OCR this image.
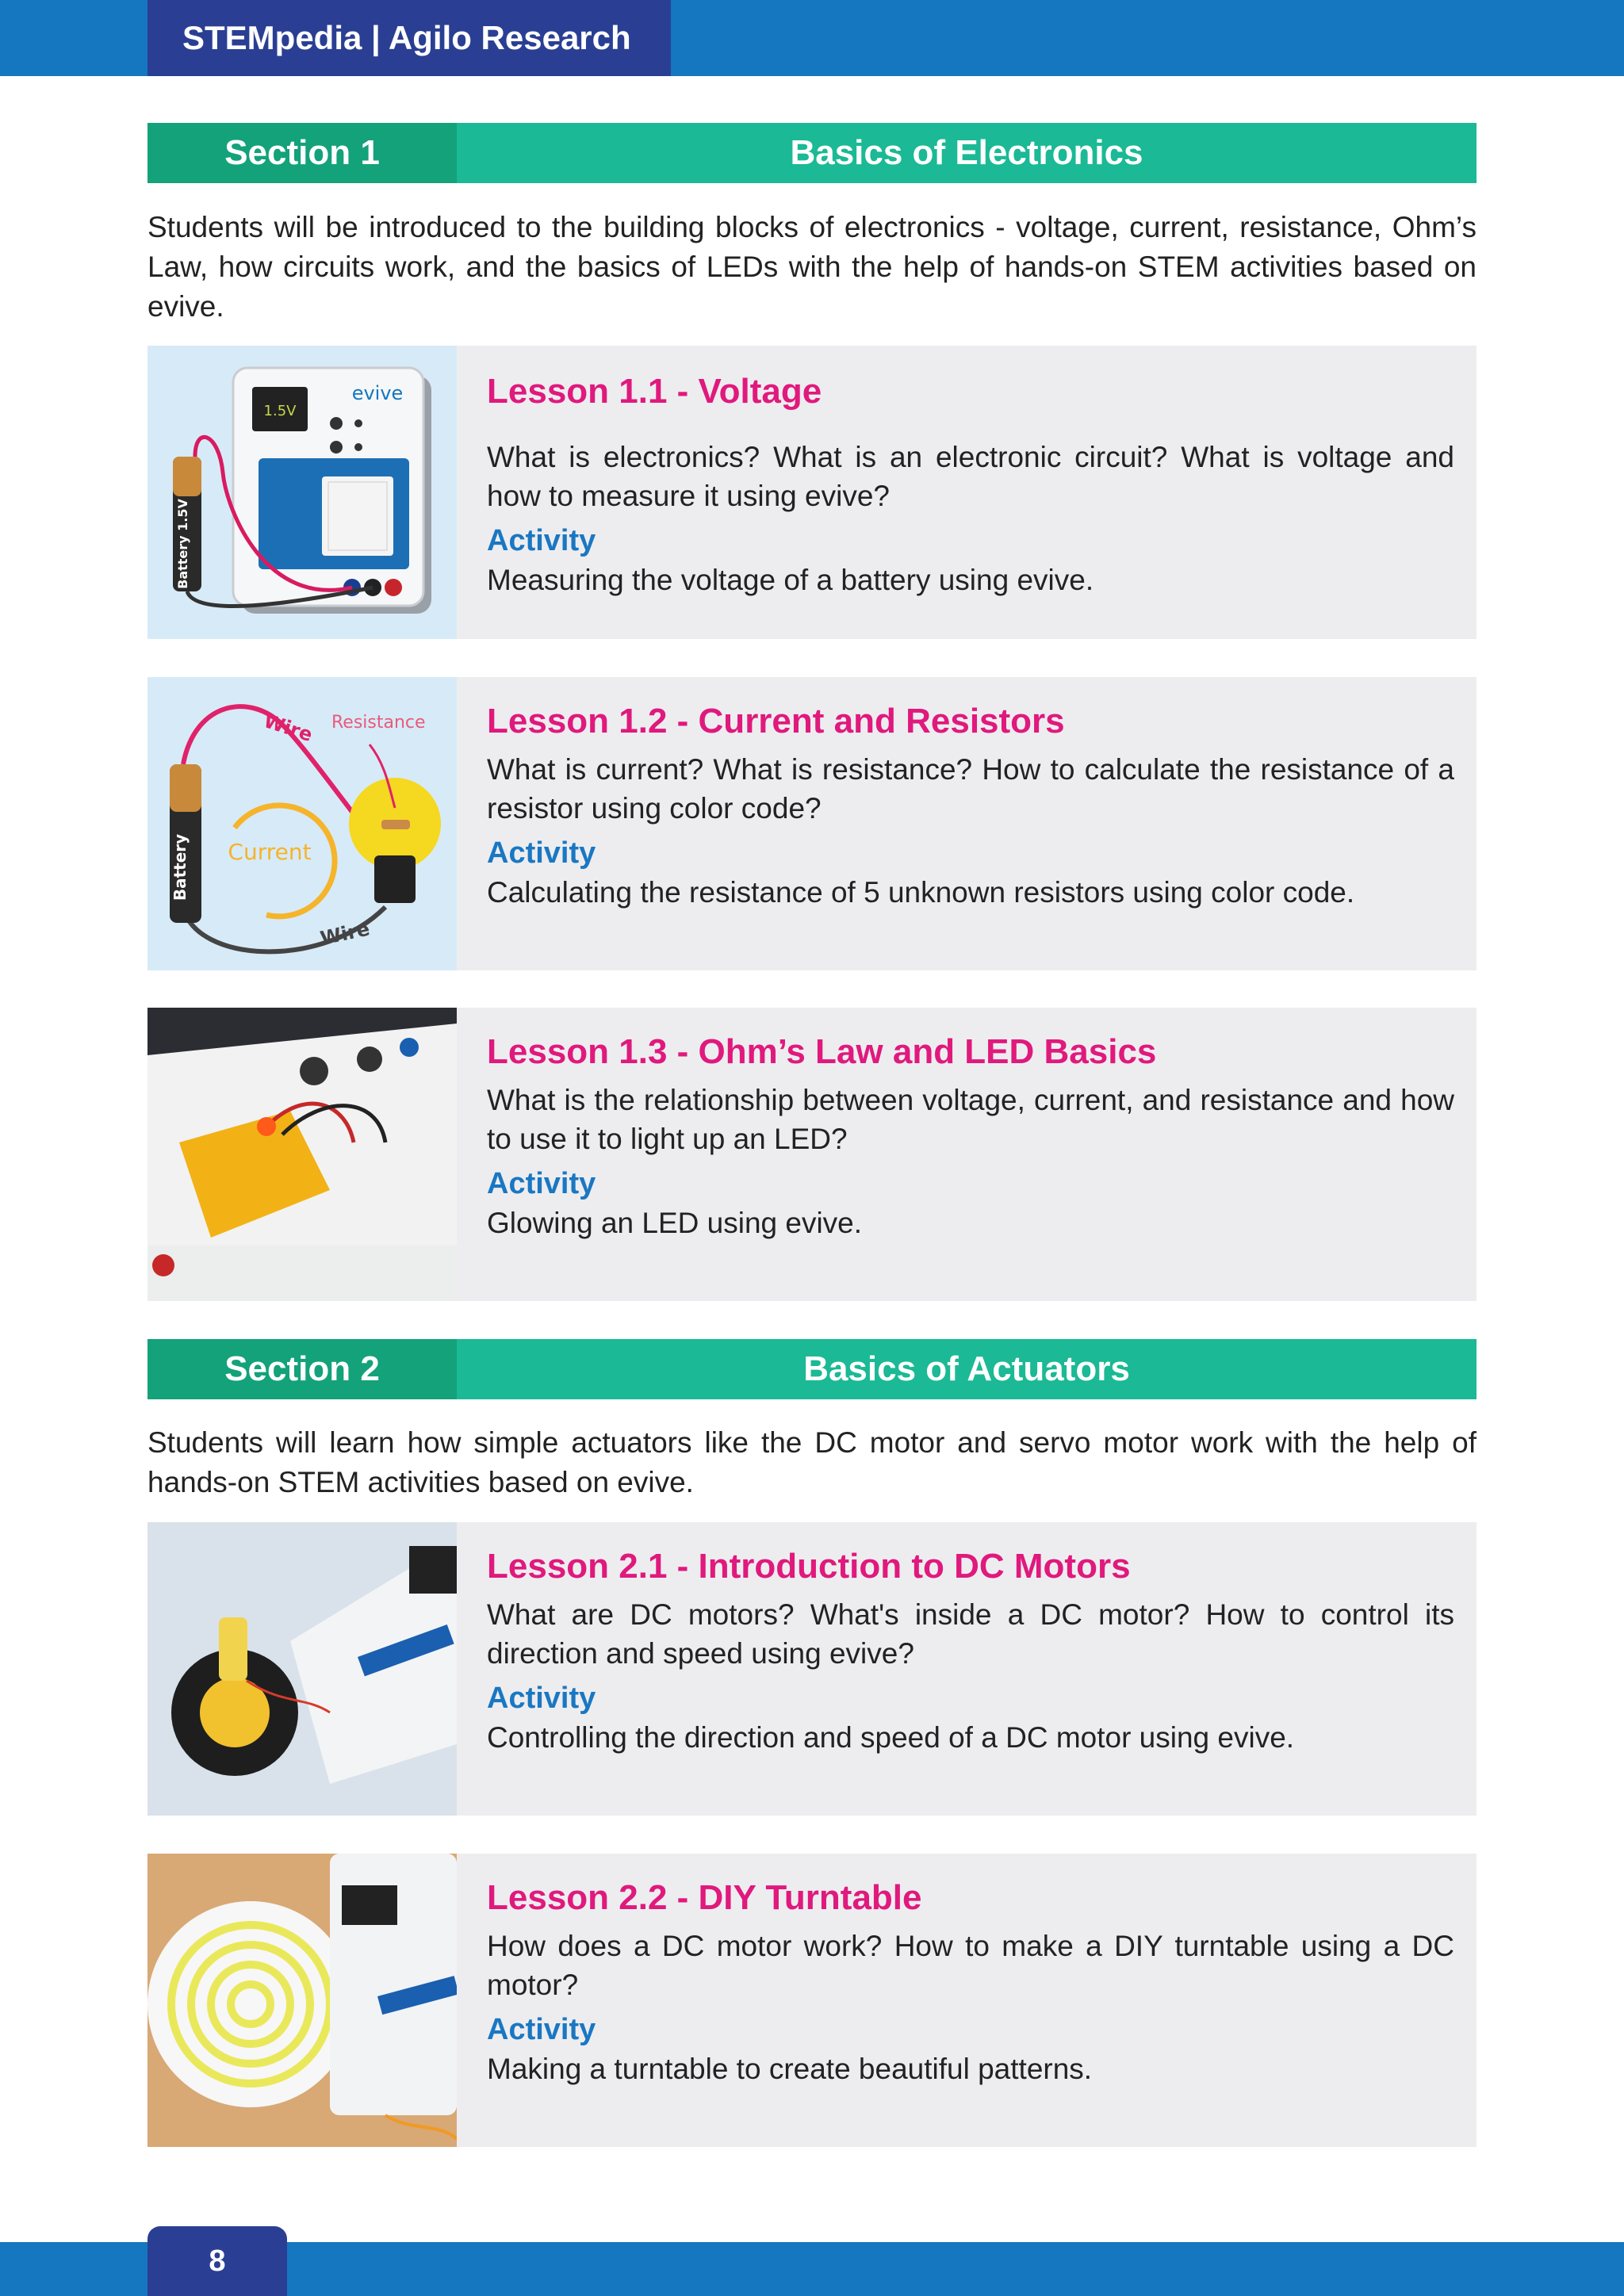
STEMpedia | Agilo Research
Section 1	Basics of Electronics
Students will be introduced to the building blocks of electronics - voltage, current, resistance, Ohm’s Law, how circuits work, and the basics of LEDs with the help of hands-on STEM activities based on evive.
1.5V
evive
Battery 1.5V
Lesson 1.1 - Voltage
What is electronics? What is an electronic circuit? What is voltage and how to measure it using evive?
Activity
Measuring the voltage of a battery using evive.
Wire Resistance
Battery Current
Wire
Lesson 1.2 - Current and Resistors
What is current? What is resistance? How to calculate the resistance of a resistor using color code?
Activity
Calculating the resistance of 5 unknown resistors using color code.
Lesson 1.3 - Ohm’s Law and LED Basics
What is the relationship between voltage, current, and resistance and how to use it to light up an LED?
Activity
Glowing an LED using evive.
Section 2	Basics of Actuators
Students will learn how simple actuators like the DC motor and servo motor work with the help of hands-on STEM activities based on evive.
Lesson 2.1 - Introduction to DC Motors
What are DC motors? What's inside a DC motor? How to control its direction and speed using evive?
Activity
Controlling the direction and speed of a DC motor using evive.
Lesson 2.2 - DIY Turntable
How does a DC motor work? How to make a DIY turntable using a DC motor?
Activity
Making a turntable to create beautiful patterns.
8
